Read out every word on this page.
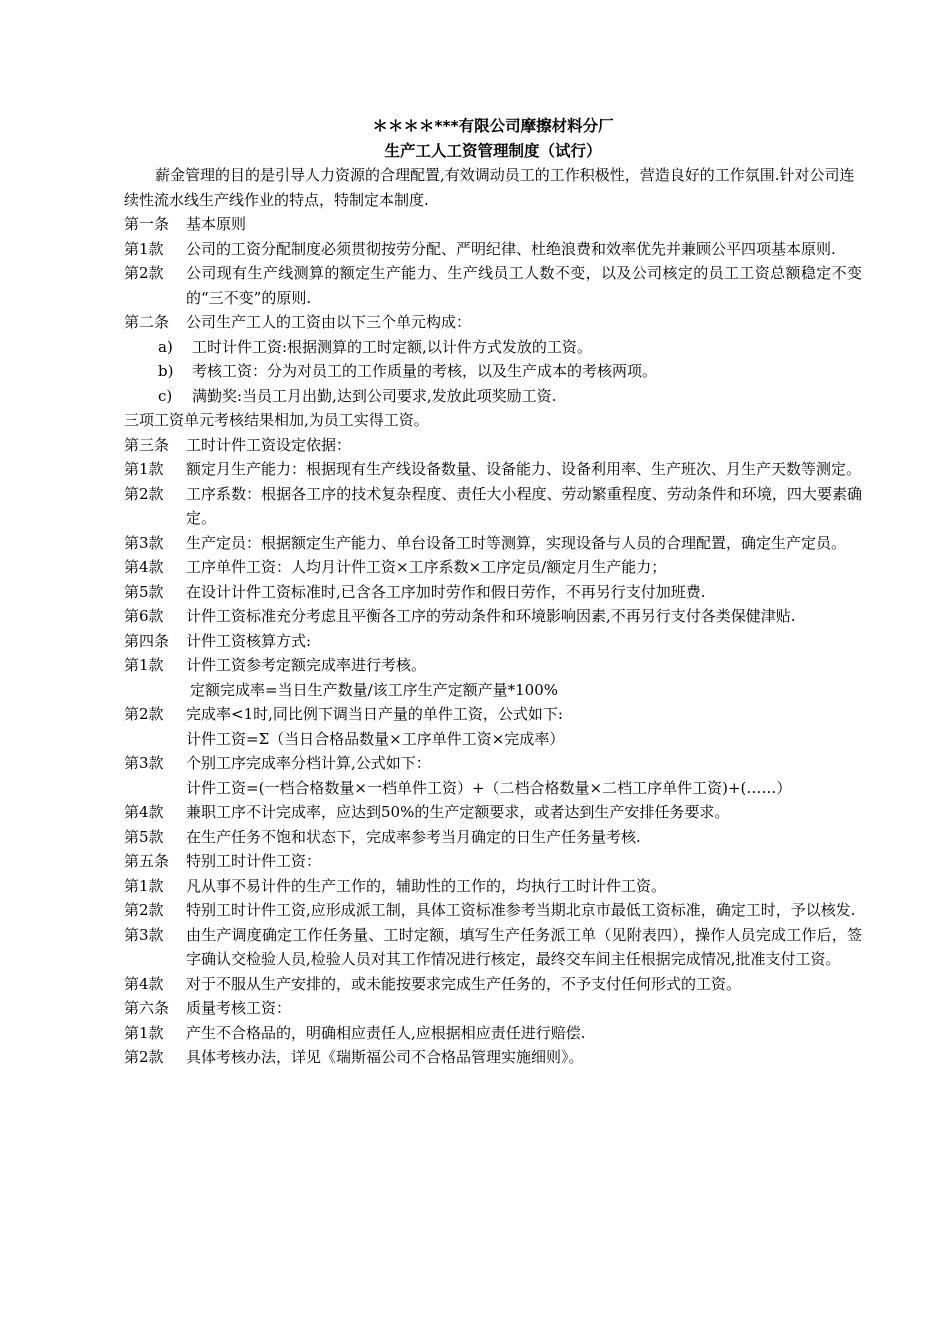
＊＊＊＊***有限公司摩擦材料分厂
生产工人工资管理制度（试行）

薪金管理的目的是引导人力资源的合理配置,有效调动员工的工作积极性，营造良好的工作氛围.针对公司连续性流水线生产线作业的特点，特制定本制度.

第一条	基本原则
第1款	公司的工资分配制度必须贯彻按劳分配、严明纪律、杜绝浪费和效率优先并兼顾公平四项基本原则.
第2款	公司现有生产线测算的额定生产能力、生产线员工人数不变，以及公司核定的员工工资总额稳定不变的“三不变”的原则.
第二条	公司生产工人的工资由以下三个单元构成：
a)	工时计件工资:根据测算的工时定额,以计件方式发放的工资。
b)	考核工资：分为对员工的工作质量的考核，以及生产成本的考核两项。
c)	满勤奖:当员工月出勤,达到公司要求,发放此项奖励工资.

三项工资单元考核结果相加,为员工实得工资。

第三条	工时计件工资设定依据：
第1款	额定月生产能力：根据现有生产线设备数量、设备能力、设备利用率、生产班次、月生产天数等测定。
第2款	工序系数：根据各工序的技术复杂程度、责任大小程度、劳动繁重程度、劳动条件和环境，四大要素确定。
第3款	生产定员：根据额定生产能力、单台设备工时等测算，实现设备与人员的合理配置，确定生产定员。
第4款	工序单件工资：人均月计件工资×工序系数×工序定员/额定月生产能力；
第5款	在设计计件工资标准时,已含各工序加时劳作和假日劳作，不再另行支付加班费.
第6款	计件工资标准充分考虑且平衡各工序的劳动条件和环境影响因素,不再另行支付各类保健津贴.
第四条	计件工资核算方式:
第1款	计件工资参考定额完成率进行考核。
定额完成率=当日生产数量/该工序生产定额产量*100%
第2款	完成率<1时,同比例下调当日产量的单件工资，公式如下:
计件工资=Σ（当日合格品数量×工序单件工资×完成率）
第3款	个别工序完成率分档计算,公式如下：
计件工资=(一档合格数量×一档单件工资）+（二档合格数量×二档工序单件工资)+(……）
第4款	兼职工序不计完成率，应达到50%的生产定额要求，或者达到生产安排任务要求。
第5款	在生产任务不饱和状态下，完成率参考当月确定的日生产任务量考核.
第五条	特别工时计件工资：
第1款	凡从事不易计件的生产工作的，辅助性的工作的，均执行工时计件工资。
第2款	特别工时计件工资,应形成派工制，具体工资标准参考当期北京市最低工资标准，确定工时，予以核发.
第3款	由生产调度确定工作任务量、工时定额，填写生产任务派工单（见附表四），操作人员完成工作后，签字确认交检验人员,检验人员对其工作情况进行核定，最终交车间主任根据完成情况,批准支付工资。
第4款	对于不服从生产安排的，或未能按要求完成生产任务的，不予支付任何形式的工资。
第六条	质量考核工资：
第1款	产生不合格品的，明确相应责任人,应根据相应责任进行赔偿.
第2款	具体考核办法，详见《瑞斯福公司不合格品管理实施细则》。
